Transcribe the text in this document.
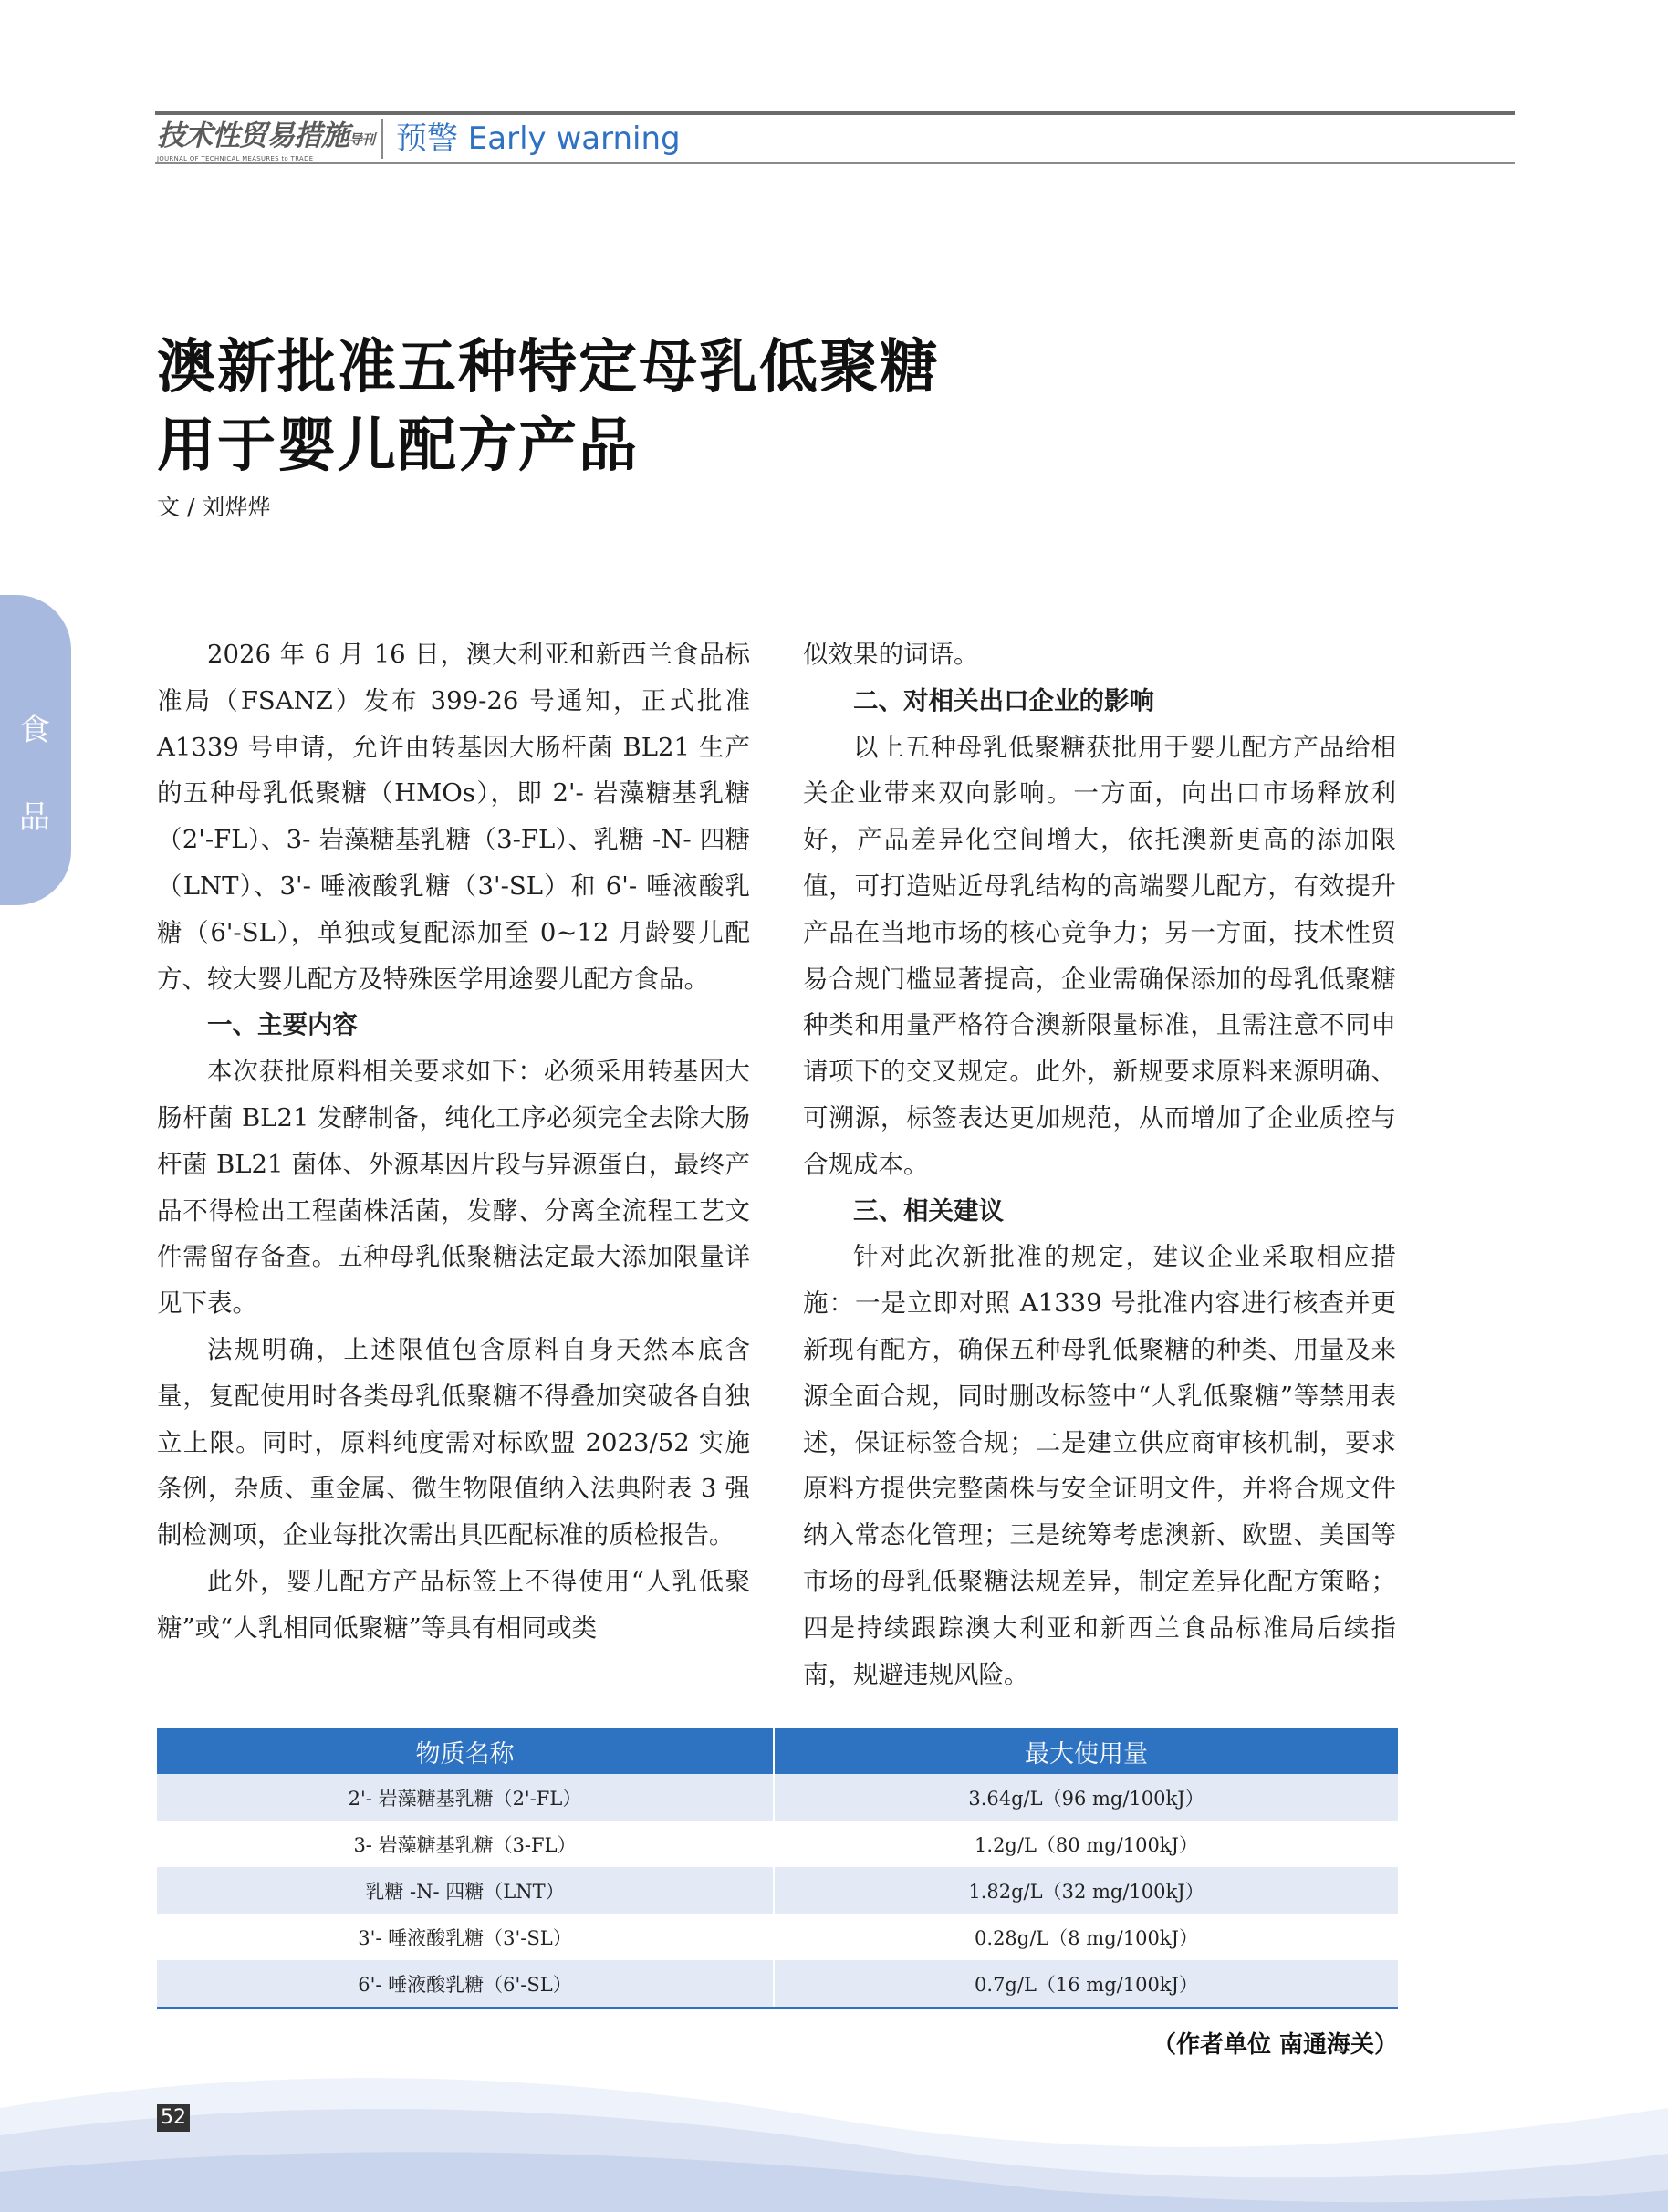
技术性贸易措施导刊
JOURNAL OF TECHNICAL MEASURES to TRADE
预警 Early warning
食
品
澳新批准五种特定母乳低聚糖
用于婴儿配方产品
文 / 刘烨烨

2026 年 6 月 16 日，澳大利亚和新西兰食品标准局（FSANZ）发布 399-26 号通知，正式批准 A1339 号申请，允许由转基因大肠杆菌 BL21 生产的五种母乳低聚糖（HMOs），即 2'- 岩藻糖基乳糖（2'-FL）、3- 岩藻糖基乳糖（3-FL）、乳糖 -N- 四糖（LNT）、3'- 唾液酸乳糖（3'-SL）和 6'- 唾液酸乳糖（6'-SL），单独或复配添加至 0~12 月龄婴儿配方、较大婴儿配方及特殊医学用途婴儿配方食品。

一、主要内容

本次获批原料相关要求如下：必须采用转基因大肠杆菌 BL21 发酵制备，纯化工序必须完全去除大肠杆菌 BL21 菌体、外源基因片段与异源蛋白，最终产品不得检出工程菌株活菌，发酵、分离全流程工艺文件需留存备查。五种母乳低聚糖法定最大添加限量详见下表。

法规明确，上述限值包含原料自身天然本底含量，复配使用时各类母乳低聚糖不得叠加突破各自独立上限。同时，原料纯度需对标欧盟 2023/52 实施条例，杂质、重金属、微生物限值纳入法典附表 3 强制检测项，企业每批次需出具匹配标准的质检报告。

此外，婴儿配方产品标签上不得使用“人乳低聚糖”或“人乳相同低聚糖”等具有相同或类

似效果的词语。

二、对相关出口企业的影响

以上五种母乳低聚糖获批用于婴儿配方产品给相关企业带来双向影响。一方面，向出口市场释放利好，产品差异化空间增大，依托澳新更高的添加限值，可打造贴近母乳结构的高端婴儿配方，有效提升产品在当地市场的核心竞争力；另一方面，技术性贸易合规门槛显著提高，企业需确保添加的母乳低聚糖种类和用量严格符合澳新限量标准，且需注意不同申请项下的交叉规定。此外，新规要求原料来源明确、可溯源，标签表达更加规范，从而增加了企业质控与合规成本。

三、相关建议

针对此次新批准的规定，建议企业采取相应措施：一是立即对照 A1339 号批准内容进行核查并更新现有配方，确保五种母乳低聚糖的种类、用量及来源全面合规，同时删改标签中“人乳低聚糖”等禁用表述，保证标签合规；二是建立供应商审核机制，要求原料方提供完整菌株与安全证明文件，并将合规文件纳入常态化管理；三是统筹考虑澳新、欧盟、美国等市场的母乳低聚糖法规差异，制定差异化配方策略；四是持续跟踪澳大利亚和新西兰食品标准局后续指南，规避违规风险。

物质名称	最大使用量
2'- 岩藻糖基乳糖（2'-FL）	3.64g/L（96 mg/100kJ）
3- 岩藻糖基乳糖（3-FL）	1.2g/L（80 mg/100kJ）
乳糖 -N- 四糖（LNT）	1.82g/L（32 mg/100kJ）
3'- 唾液酸乳糖（3'-SL）	0.28g/L（8 mg/100kJ）
6'- 唾液酸乳糖（6'-SL）	0.7g/L（16 mg/100kJ）
（作者单位 南通海关）
52
